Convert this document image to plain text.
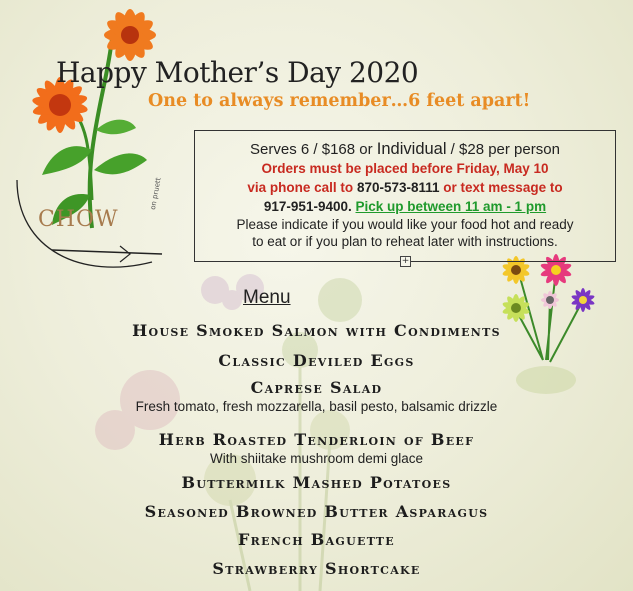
CHOW
on pruett
Happy Mother’s Day 2020
One to always remember…6 feet apart!
Serves 6 / $168 or Individual / $28 per person
Orders must be placed before Friday, May 10
via phone call to 870-573-8111 or text message to
917-951-9400. Pick up between 11 am - 1 pm
Please indicate if you would like your food hot and ready
to eat or if you plan to reheat later with instructions.
+
Menu
House Smoked Salmon with Condiments
Classic Deviled Eggs
Caprese Salad
Fresh tomato, fresh mozzarella, basil pesto, balsamic drizzle
Herb Roasted Tenderloin of Beef
With shiitake mushroom demi glace
Buttermilk Mashed Potatoes
Seasoned Browned Butter Asparagus
French Baguette
Strawberry Shortcake
